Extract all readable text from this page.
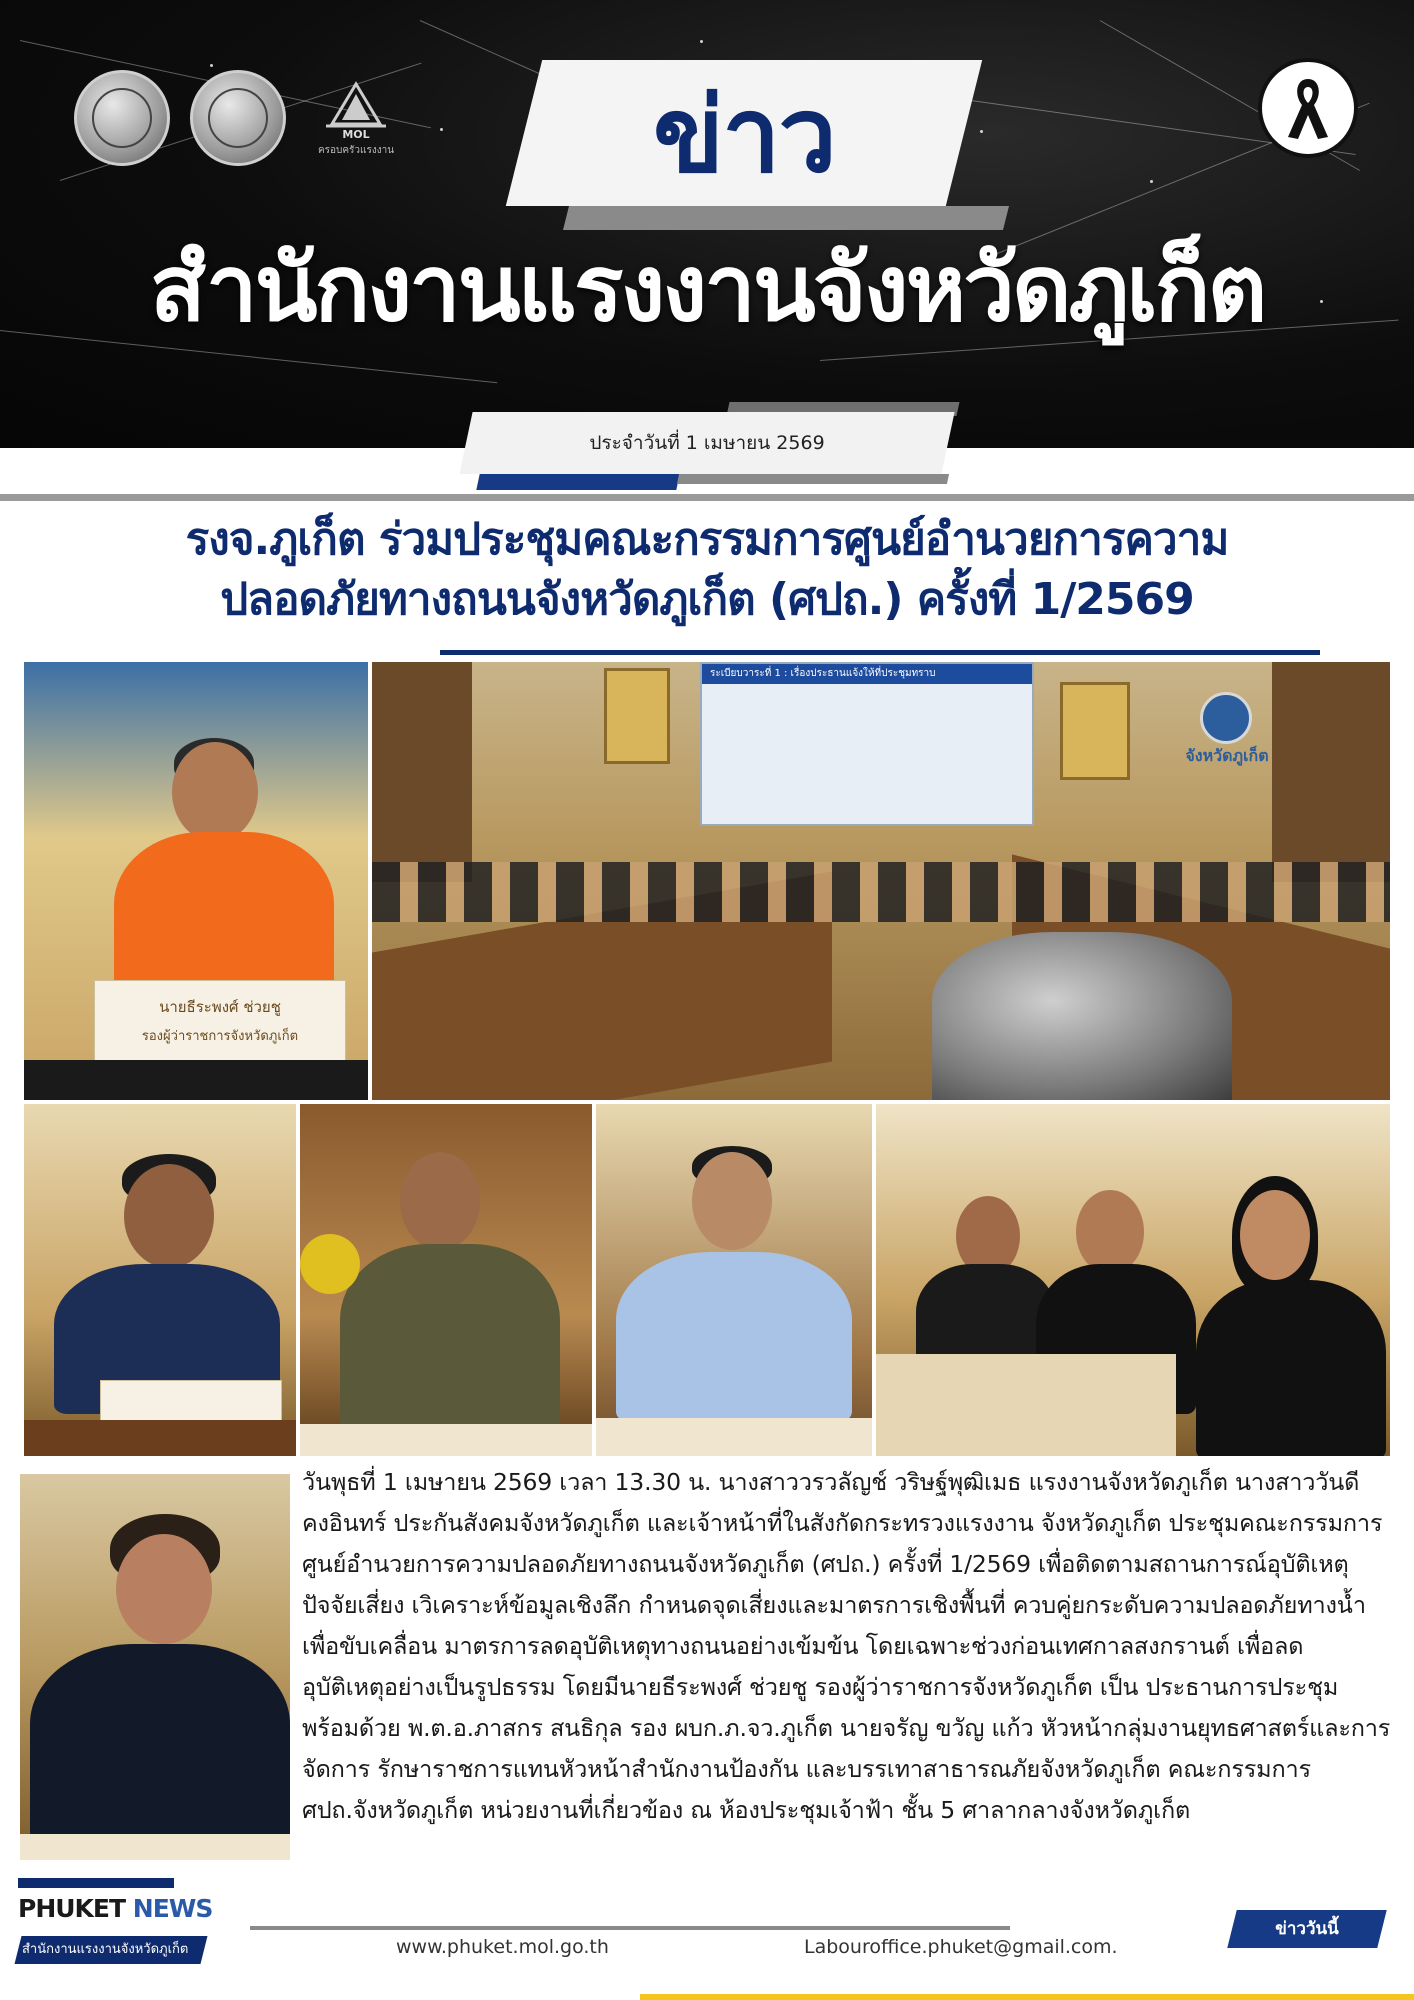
MOL
ครอบครัวแรงงาน	ข่าว
สำนักงานแรงงานจังหวัดภูเก็ต
ประจำวันที่ 1 เมษายน 2569
รงจ.ภูเก็ต ร่วมประชุมคณะกรรมการศูนย์อำนวยการความ
ปลอดภัยทางถนนจังหวัดภูเก็ต (ศปถ.) ครั้งที่ 1/2569
นายธีระพงศ์ ช่วยชู
รองผู้ว่าราชการจังหวัดภูเก็ต
ระเบียบวาระที่ 1 : เรื่องประธานแจ้งให้ที่ประชุมทราบ
จังหวัดภูเก็ต
วันพุธที่ 1 เมษายน 2569 เวลา 13.30 น. นางสาววรวลัญช์ วริษฐ์พุฒิเมธ แรงงานจังหวัดภูเก็ต นางสาววันดี คงอินทร์ ประกันสังคมจังหวัดภูเก็ต และเจ้าหน้าที่ในสังกัดกระทรวงแรงงาน จังหวัดภูเก็ต ประชุมคณะกรรมการศูนย์อำนวยการความปลอดภัยทางถนนจังหวัดภูเก็ต (ศปถ.) ครั้งที่ 1/2569 เพื่อติดตามสถานการณ์อุบัติเหตุ ปัจจัยเสี่ยง เวิเคราะห์ข้อมูลเชิงลึก กำหนดจุดเสี่ยงและมาตรการเชิงพื้นที่ ควบคู่ยกระดับความปลอดภัยทางน้ำเพื่อขับเคลื่อน มาตรการลดอุบัติเหตุทางถนนอย่างเข้มข้น โดยเฉพาะช่วงก่อนเทศกาลสงกรานต์ เพื่อลด อุบัติเหตุอย่างเป็นรูปธรรม โดยมีนายธีระพงศ์ ช่วยชู รองผู้ว่าราชการจังหวัดภูเก็ต เป็น ประธานการประชุม พร้อมด้วย พ.ต.อ.ภาสกร สนธิกุล รอง ผบก.ภ.จว.ภูเก็ต นายจรัญ ขวัญ แก้ว หัวหน้ากลุ่มงานยุทธศาสตร์และการจัดการ รักษาราชการแทนหัวหน้าสำนักงานป้องกัน และบรรเทาสาธารณภัยจังหวัดภูเก็ต คณะกรรมการ ศปถ.จังหวัดภูเก็ต หน่วยงานที่เกี่ยวข้อง ณ ห้องประชุมเจ้าฟ้า ชั้น 5 ศาลากลางจังหวัดภูเก็ต
PHUKET NEWS
สำนักงานแรงงานจังหวัดภูเก็ต	www.phuket.mol.go.th	Labouroffice.phuket@gmail.com.
ข่าววันนี้
